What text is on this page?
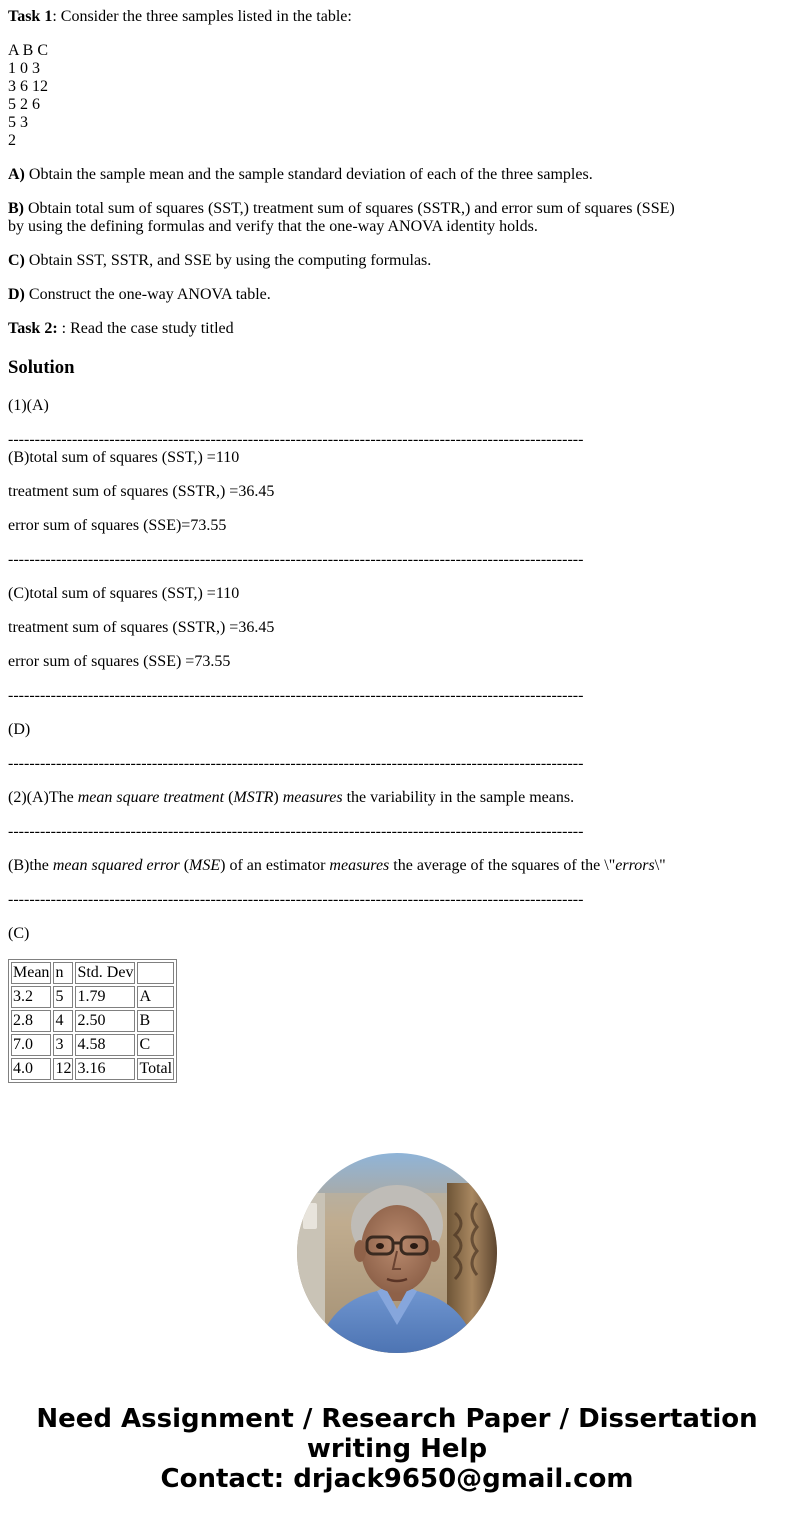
Task 1: Consider the three samples listed in the table:

A B C
1 0 3
3 6 12
5 2 6
5 3
2

A) Obtain the sample mean and the sample standard deviation of each of the three samples.

B) Obtain total sum of squares (SST,) treatment sum of squares (SSTR,) and error sum of squares (SSE)
by using the defining formulas and verify that the one-way ANOVA identity holds.

C) Obtain SST, SSTR, and SSE by using the computing formulas.

D) Construct the one-way ANOVA table.

Task 2: : Read the case study titled

Solution

(1)(A)

------------------------------------------------------------------------------------------------------------

(B)total sum of squares (SST,) =110

treatment sum of squares (SSTR,) =36.45

error sum of squares (SSE)=73.55

------------------------------------------------------------------------------------------------------------

(C)total sum of squares (SST,) =110

treatment sum of squares (SSTR,) =36.45

error sum of squares (SSE) =73.55

------------------------------------------------------------------------------------------------------------

(D)

------------------------------------------------------------------------------------------------------------

(2)(A)The mean square treatment (MSTR) measures the variability in the sample means.

------------------------------------------------------------------------------------------------------------

(B)the mean squared error (MSE) of an estimator measures the average of the squares of the \"errors\"

------------------------------------------------------------------------------------------------------------

(C)

Mean	n	Std. Dev	
3.2	5	1.79	A
2.8	4	2.50	B
7.0	3	4.58	C
4.0	12	3.16	Total
Need Assignment / Research Paper / Dissertation
writing Help
Contact: drjack9650@gmail.com
